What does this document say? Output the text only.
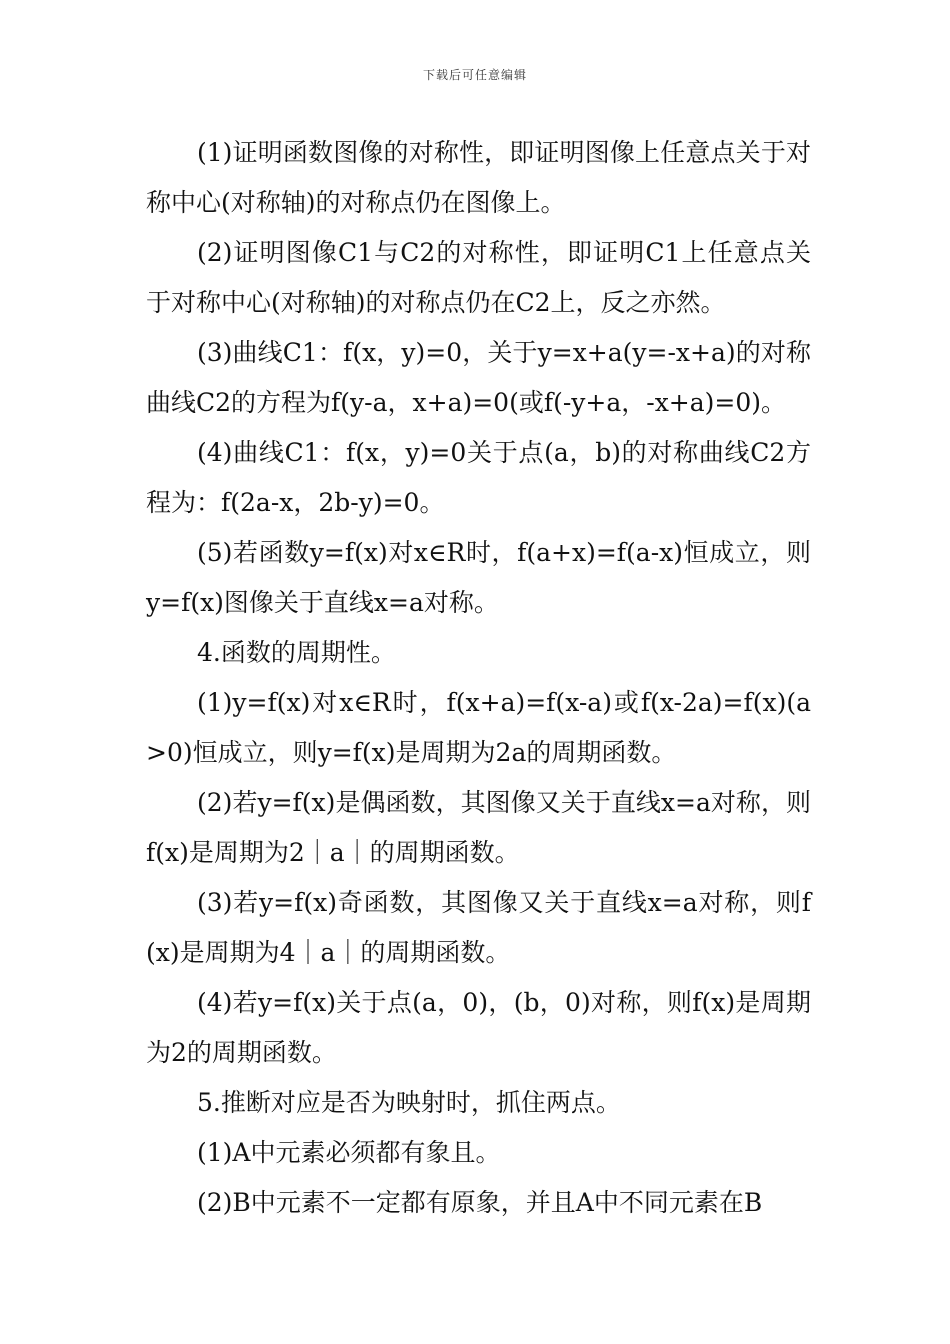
下载后可任意编辑

(1)证明函数图像的对称性，即证明图像上任意点关于对称中心(对称轴)的对称点仍在图像上。

(2)证明图像C1与C2的对称性，即证明C1上任意点关于对称中心(对称轴)的对称点仍在C2上，反之亦然。

(3)曲线C1：f(x，y)=0，关于y=x+a(y=-x+a)的对称曲线C2的方程为f(y-a，x+a)=0(或f(-y+a，-x+a)=0)。

(4)曲线C1：f(x，y)=0关于点(a，b)的对称曲线C2方程为：f(2a-x，2b-y)=0。

(5)若函数y=f(x)对x∈R时，f(a+x)=f(a-x)恒成立，则y=f(x)图像关于直线x=a对称。

4.函数的周期性。

(1)y=f(x)对x∈R时，f(x+a)=f(x-a)或f(x-2a)=f(x)(a>0)恒成立，则y=f(x)是周期为2a的周期函数。

(2)若y=f(x)是偶函数，其图像又关于直线x=a对称，则f(x)是周期为2｜a｜的周期函数。

(3)若y=f(x)奇函数，其图像又关于直线x=a对称，则f(x)是周期为4｜a｜的周期函数。

(4)若y=f(x)关于点(a，0)，(b，0)对称，则f(x)是周期为2的周期函数。

5.推断对应是否为映射时，抓住两点。

(1)A中元素必须都有象且。

(2)B中元素不一定都有原象，并且A中不同元素在B
